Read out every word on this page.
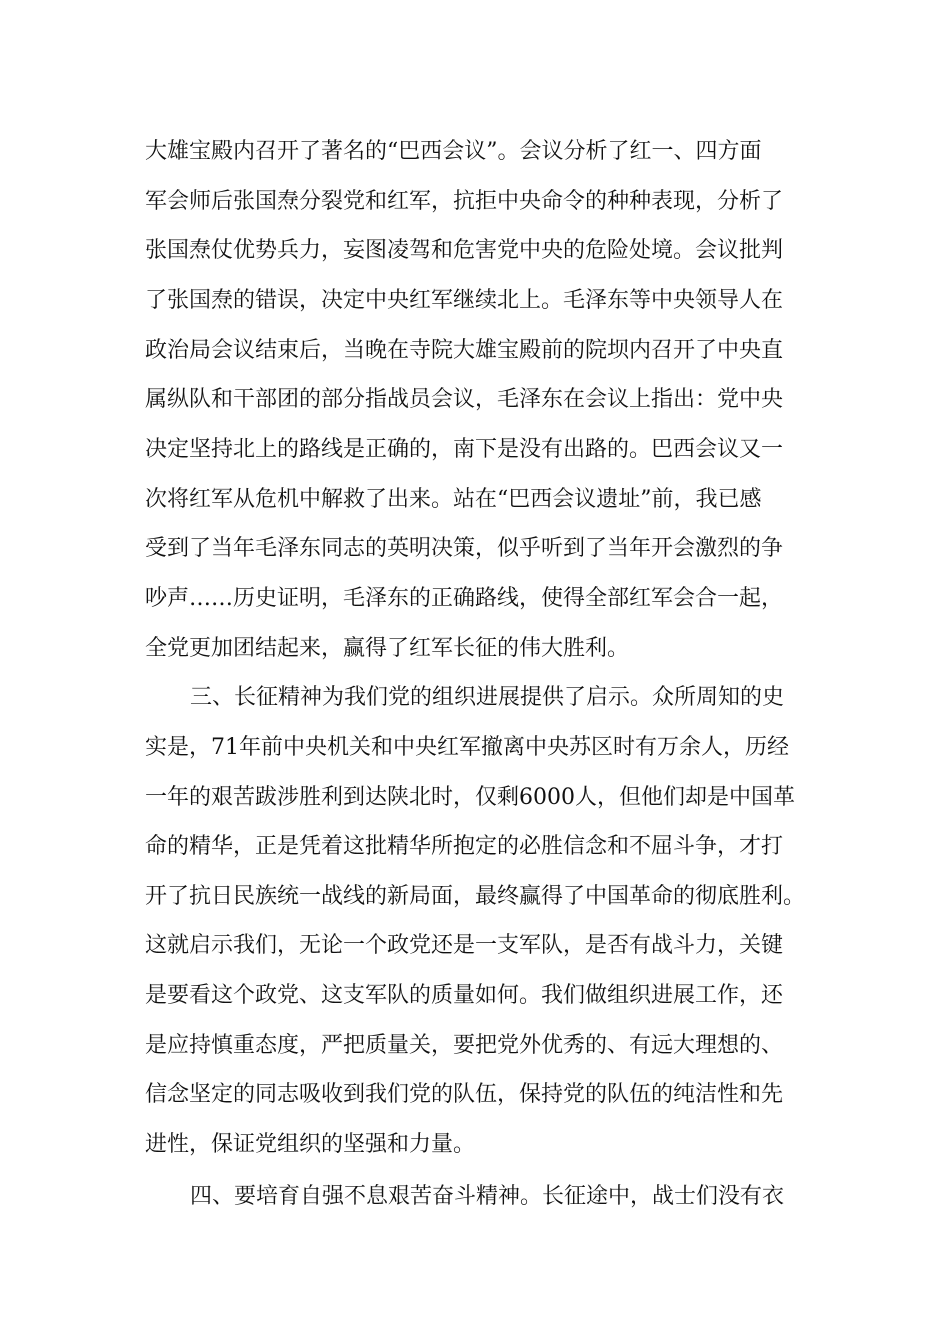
大雄宝殿内召开了著名的“巴西会议”。会议分析了红一、四方面
军会师后张国焘分裂党和红军，抗拒中央命令的种种表现，分析了
张国焘仗优势兵力，妄图凌驾和危害党中央的危险处境。会议批判
了张国焘的错误，决定中央红军继续北上。毛泽东等中央领导人在
政治局会议结束后，当晚在寺院大雄宝殿前的院坝内召开了中央直
属纵队和干部团的部分指战员会议，毛泽东在会议上指出：党中央
决定坚持北上的路线是正确的，南下是没有出路的。巴西会议又一
次将红军从危机中解救了出来。站在“巴西会议遗址”前，我已感
受到了当年毛泽东同志的英明决策，似乎听到了当年开会激烈的争
吵声……历史证明，毛泽东的正确路线，使得全部红军会合一起，
全党更加团结起来，赢得了红军长征的伟大胜利。
三、长征精神为我们党的组织进展提供了启示。众所周知的史
实是，71年前中央机关和中央红军撤离中央苏区时有万余人，历经
一年的艰苦跋涉胜利到达陕北时，仅剩6000人，但他们却是中国革
命的精华，正是凭着这批精华所抱定的必胜信念和不屈斗争，才打
开了抗日民族统一战线的新局面，最终赢得了中国革命的彻底胜利。
这就启示我们，无论一个政党还是一支军队，是否有战斗力，关键
是要看这个政党、这支军队的质量如何。我们做组织进展工作，还
是应持慎重态度，严把质量关，要把党外优秀的、有远大理想的、
信念坚定的同志吸收到我们党的队伍，保持党的队伍的纯洁性和先
进性，保证党组织的坚强和力量。
四、要培育自强不息艰苦奋斗精神。长征途中，战士们没有衣
